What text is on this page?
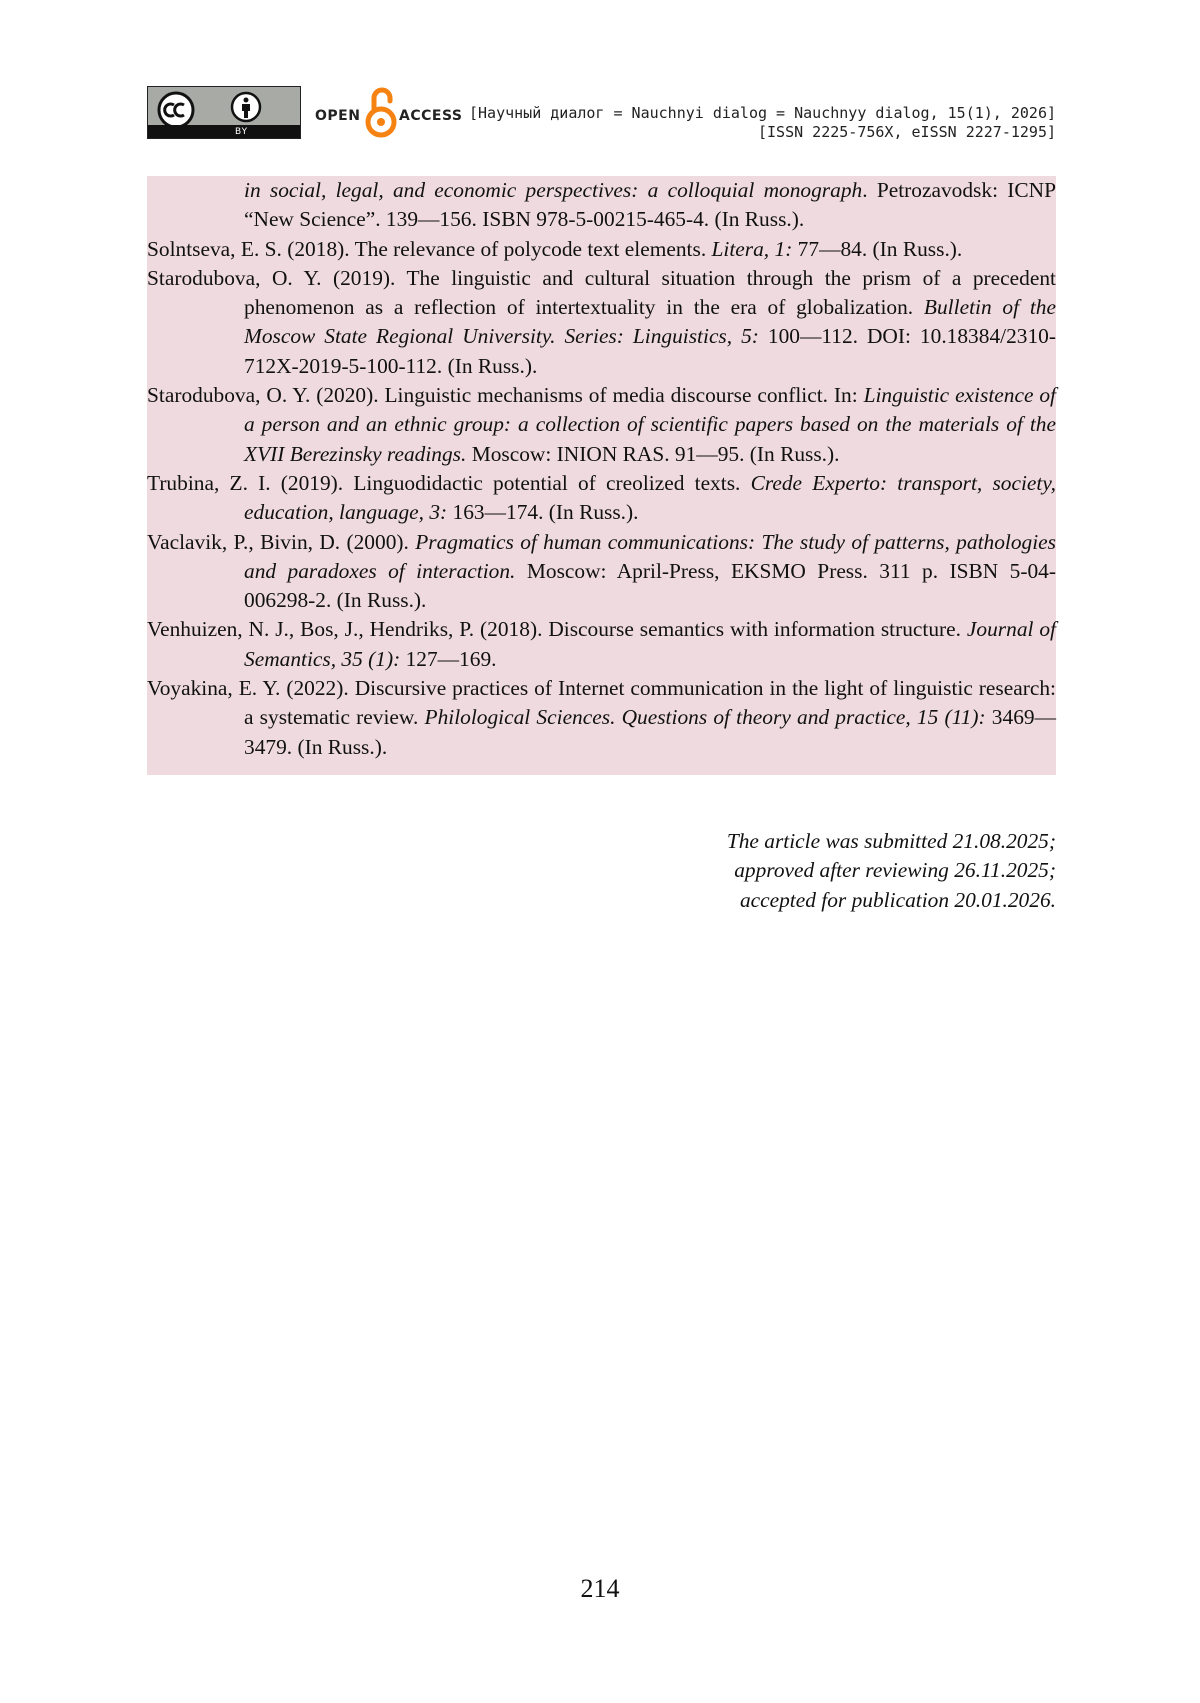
BY
OPEN	ACCESS [Научный диалог = Nauchnyi dialog = Nauchnyy dialog, 15(1), 2026]
[ISSN 2225-756X, eISSN 2227-1295]

in social, legal, and economic perspectives: a colloquial monograph. Petrozavodsk: ICNP “New Science”. 139—156. ISBN 978-5-00215-465-4. (In Russ.).

Solntseva, E. S. (2018). The relevance of polycode text elements. Litera, 1: 77—84. (In Russ.).

Starodubova, O. Y. (2019). The linguistic and cultural situation through the prism of a precedent phenomenon as a reflection of intertextuality in the era of globalization. Bulletin of the Moscow State Regional University. Series: Linguistics, 5: 100—112. DOI: 10.18384/2310-712X-2019-5-100-112. (In Russ.).

Starodubova, O. Y. (2020). Linguistic mechanisms of media discourse conflict. In: Linguistic existence of a person and an ethnic group: a collection of scientific papers based on the materials of the XVII Berezinsky readings. Moscow: INION RAS. 91—95. (In Russ.).

Trubina, Z. I. (2019). Linguodidactic potential of creolized texts. Crede Experto: transport, society, education, language, 3: 163—174. (In Russ.).

Vaclavik, P., Bivin, D. (2000). Pragmatics of human communications: The study of patterns, pathologies and paradoxes of interaction. Moscow: April-Press, EKSMO Press. 311 p. ISBN 5-04-006298-2. (In Russ.).

Venhuizen, N. J., Bos, J., Hendriks, P. (2018). Discourse semantics with information structure. Journal of Semantics, 35 (1): 127—169.

Voyakina, E. Y. (2022). Discursive practices of Internet communication in the light of linguistic research: a systematic review. Philological Sciences. Questions of theory and practice, 15 (11): 3469—3479. (In Russ.).

The article was submitted 21.08.2025;
approved after reviewing 26.11.2025;
accepted for publication 20.01.2026.
214
